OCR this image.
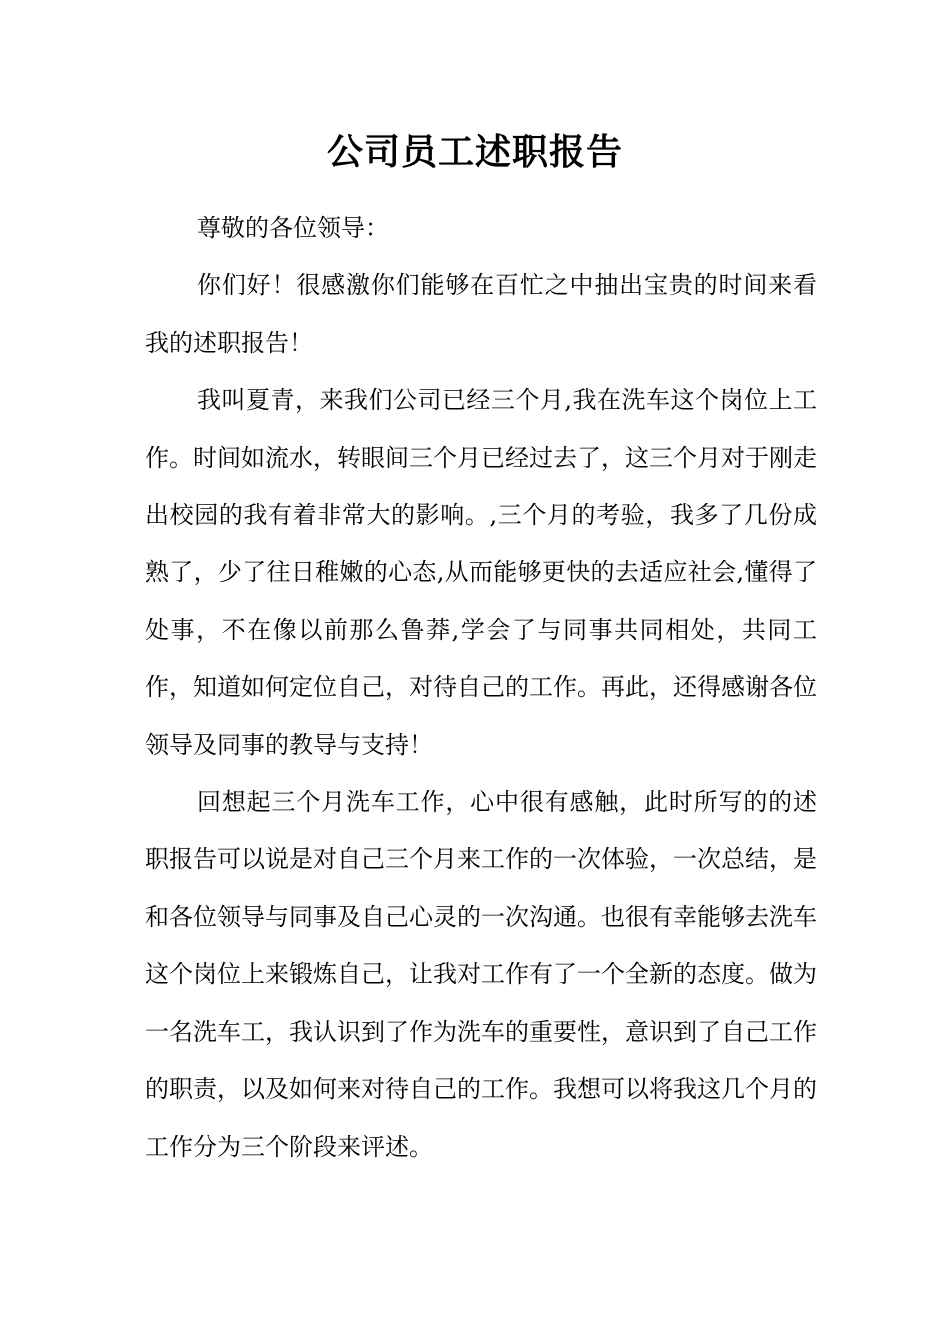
公司员工述职报告

尊敬的各位领导：

你们好！很感激你们能够在百忙之中抽出宝贵的时间来看我的述职报告！

我叫夏青，来我们公司已经三个月,我在洗车这个岗位上工作。时间如流水，转眼间三个月已经过去了，这三个月对于刚走出校园的我有着非常大的影响。,三个月的考验，我多了几份成熟了，少了往日稚嫩的心态,从而能够更快的去适应社会,懂得了处事，不在像以前那么鲁莽,学会了与同事共同相处，共同工作，知道如何定位自己，对待自己的工作。再此，还得感谢各位领导及同事的教导与支持！

回想起三个月洗车工作，心中很有感触，此时所写的的述职报告可以说是对自己三个月来工作的一次体验，一次总结，是和各位领导与同事及自己心灵的一次沟通。也很有幸能够去洗车这个岗位上来锻炼自己，让我对工作有了一个全新的态度。做为一名洗车工，我认识到了作为洗车的重要性，意识到了自己工作的职责，以及如何来对待自己的工作。我想可以将我这几个月的工作分为三个阶段来评述。
